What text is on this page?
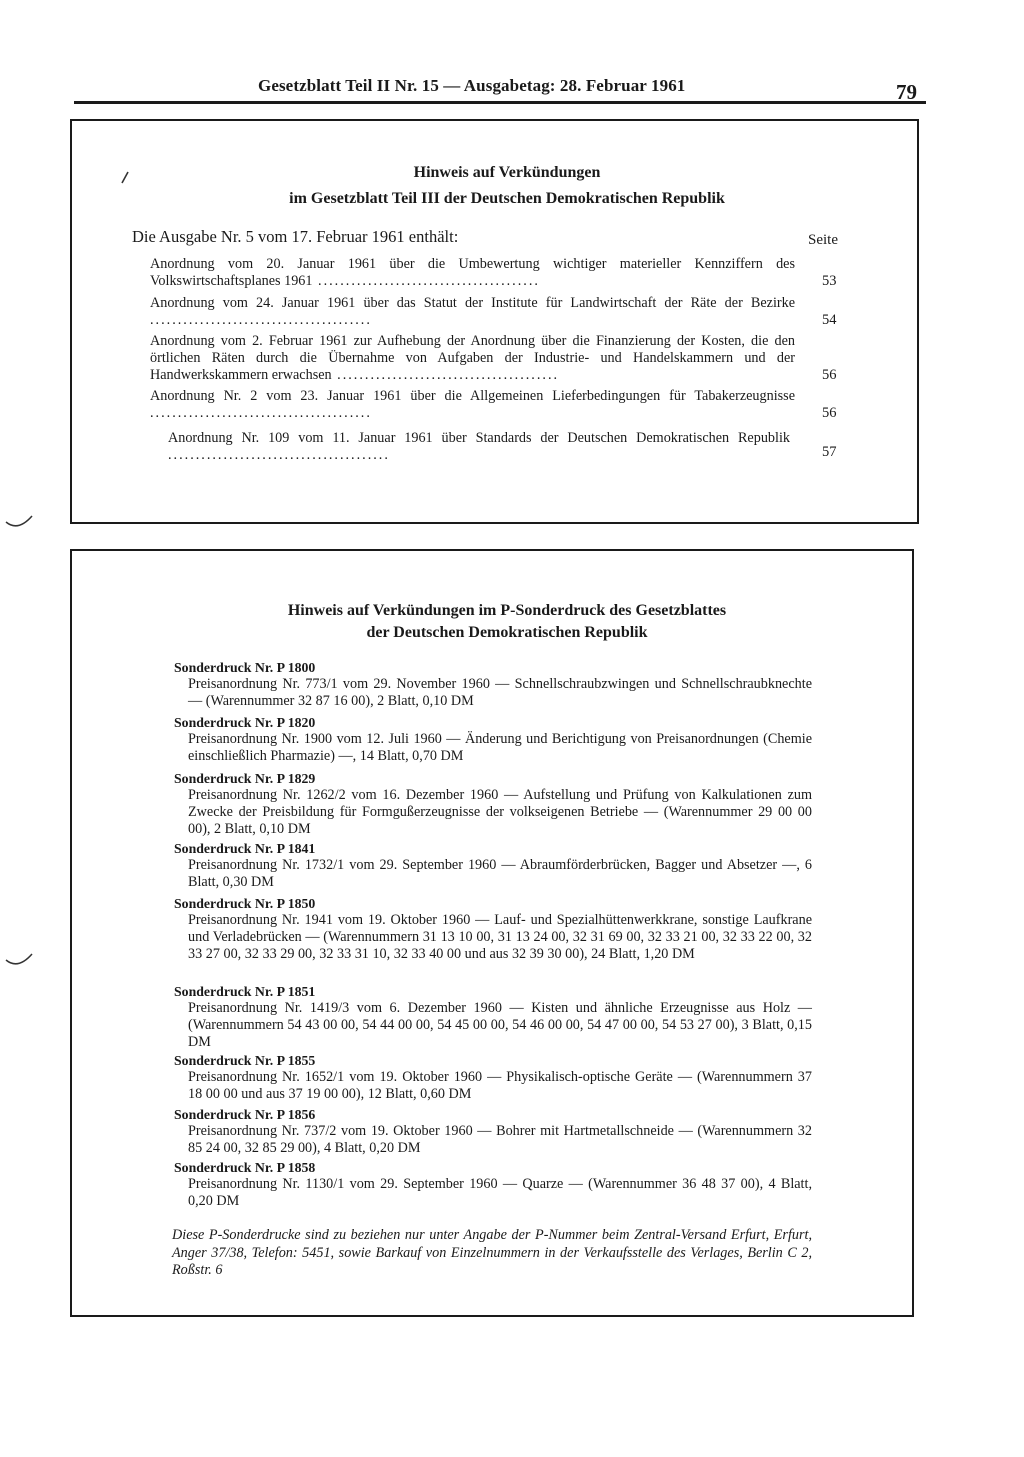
Gesetzblatt Teil II Nr. 15 — Ausgabetag: 28. Februar 1961	79
Hinweis auf Verkündungen
im Gesetzblatt Teil III der Deutschen Demokratischen Republik
Die Ausgabe Nr. 5 vom 17. Februar 1961 enthält:	Seite
Anordnung vom 20. Januar 1961 über die Umbewertung wichtiger materieller Kennziffern des Volkswirtschaftsplanes 1961 ........................................	53
Anordnung vom 24. Januar 1961 über das Statut der Institute für Landwirtschaft der Räte der Bezirke ........................................	54
Anordnung vom 2. Februar 1961 zur Aufhebung der Anordnung über die Finanzierung der Kosten, die den örtlichen Räten durch die Übernahme von Aufgaben der Industrie- und Handelskammern und der Handwerkskammern erwachsen ........................................	56
Anordnung Nr. 2 vom 23. Januar 1961 über die Allgemeinen Lieferbedingungen für Tabakerzeugnisse ........................................	56
Anordnung Nr. 109 vom 11. Januar 1961 über Standards der Deutschen Demokratischen Republik ........................................	57
Hinweis auf Verkündungen im P-Sonderdruck des Gesetzblattes
der Deutschen Demokratischen Republik
Sonderdruck Nr. P 1800
Preisanordnung Nr. 773/1 vom 29. November 1960 — Schnellschraubzwingen und Schnellschraubknechte — (Warennummer 32 87 16 00), 2 Blatt, 0,10 DM
Sonderdruck Nr. P 1820
Preisanordnung Nr. 1900 vom 12. Juli 1960 — Änderung und Berichtigung von Preisanordnungen (Chemie einschließlich Pharmazie) —, 14 Blatt, 0,70 DM
Sonderdruck Nr. P 1829
Preisanordnung Nr. 1262/2 vom 16. Dezember 1960 — Aufstellung und Prüfung von Kalkulationen zum Zwecke der Preisbildung für Formgußerzeugnisse der volkseigenen Betriebe — (Warennummer 29 00 00 00), 2 Blatt, 0,10 DM
Sonderdruck Nr. P 1841
Preisanordnung Nr. 1732/1 vom 29. September 1960 — Abraumförderbrücken, Bagger und Absetzer —, 6 Blatt, 0,30 DM
Sonderdruck Nr. P 1850
Preisanordnung Nr. 1941 vom 19. Oktober 1960 — Lauf- und Spezialhüttenwerkkrane, sonstige Laufkrane und Verladebrücken — (Warennummern 31 13 10 00, 31 13 24 00, 32 31 69 00, 32 33 21 00, 32 33 22 00, 32 33 27 00, 32 33 29 00, 32 33 31 10, 32 33 40 00 und aus 32 39 30 00), 24 Blatt, 1,20 DM
Sonderdruck Nr. P 1851
Preisanordnung Nr. 1419/3 vom 6. Dezember 1960 — Kisten und ähnliche Erzeugnisse aus Holz — (Warennummern 54 43 00 00, 54 44 00 00, 54 45 00 00, 54 46 00 00, 54 47 00 00, 54 53 27 00), 3 Blatt, 0,15 DM
Sonderdruck Nr. P 1855
Preisanordnung Nr. 1652/1 vom 19. Oktober 1960 — Physikalisch-optische Geräte — (Warennummern 37 18 00 00 und aus 37 19 00 00), 12 Blatt, 0,60 DM
Sonderdruck Nr. P 1856
Preisanordnung Nr. 737/2 vom 19. Oktober 1960 — Bohrer mit Hartmetallschneide — (Warennummern 32 85 24 00, 32 85 29 00), 4 Blatt, 0,20 DM
Sonderdruck Nr. P 1858
Preisanordnung Nr. 1130/1 vom 29. September 1960 — Quarze — (Warennummer 36 48 37 00), 4 Blatt, 0,20 DM
Diese P-Sonderdrucke sind zu beziehen nur unter Angabe der P-Nummer beim Zentral-Versand Erfurt, Erfurt, Anger 37/38, Telefon: 5451, sowie Barkauf von Einzelnummern in der Verkaufsstelle des Verlages, Berlin C 2, Roßstr. 6
